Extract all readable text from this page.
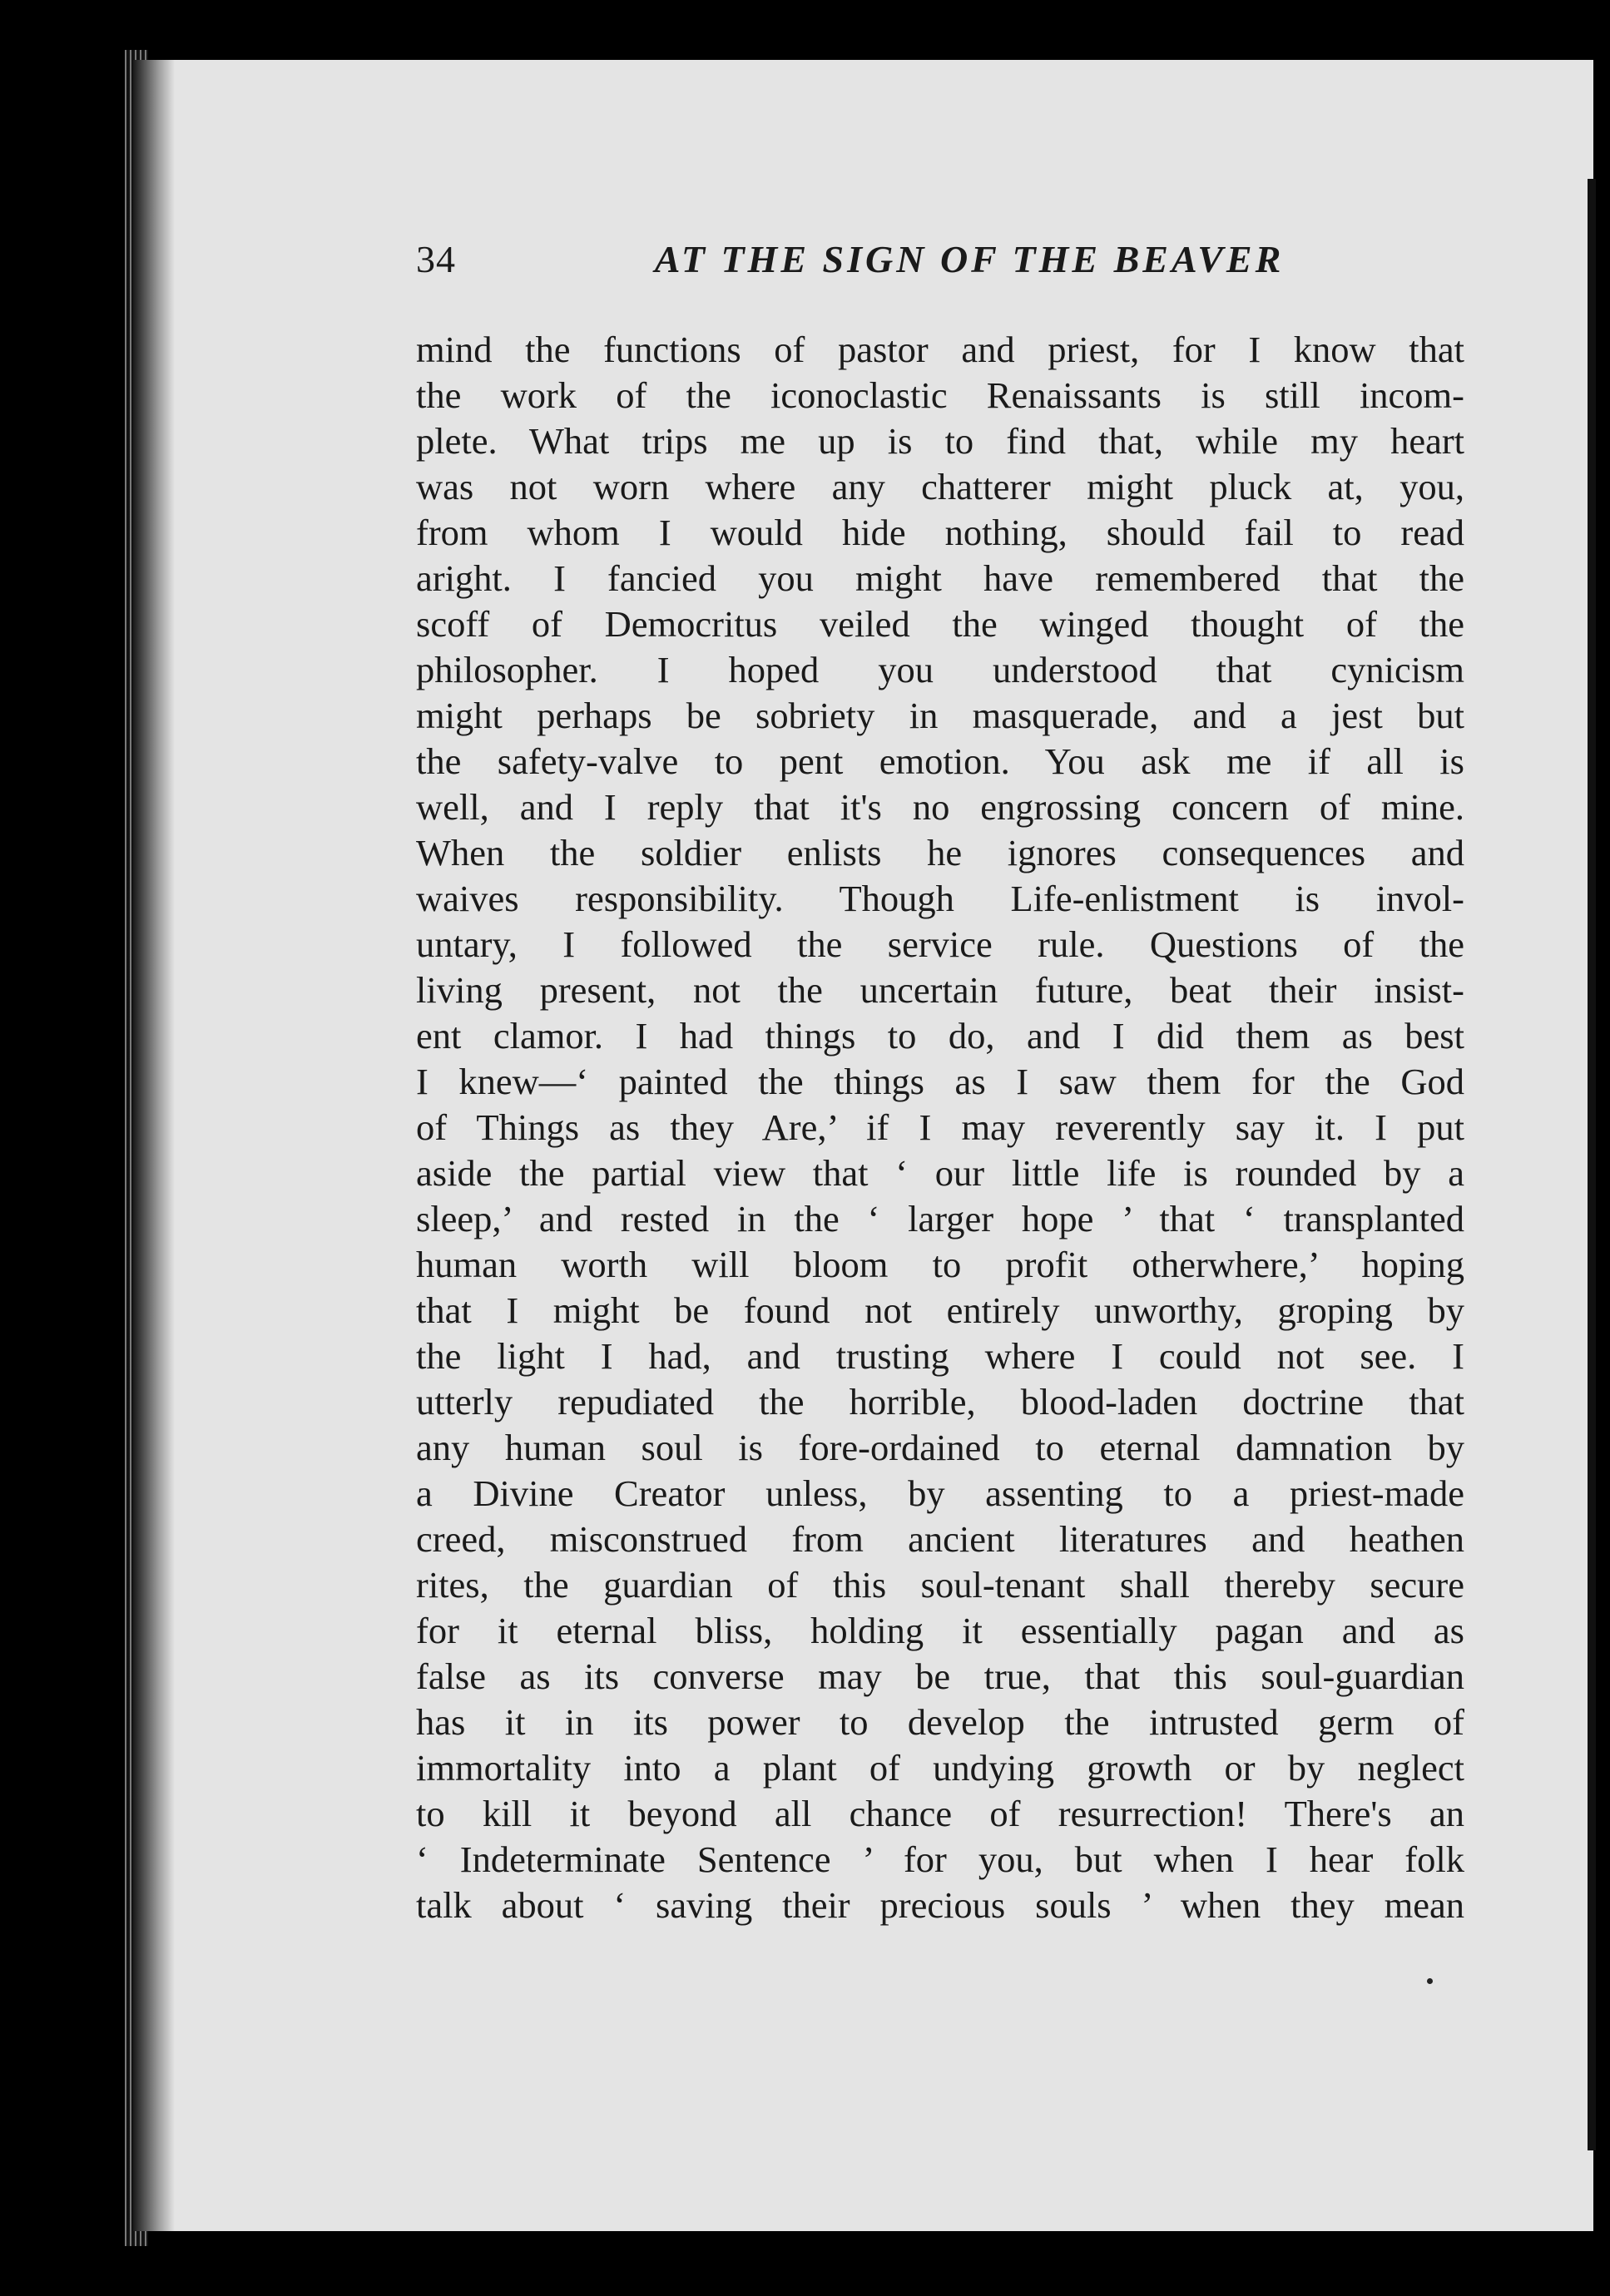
34	AT THE SIGN OF THE BEAVER
mind the functions of pastor and priest, for I know that
the work of the iconoclastic Renaissants is still incom-
plete. What trips me up is to find that, while my heart
was not worn where any chatterer might pluck at, you,
from whom I would hide nothing, should fail to read
aright. I fancied you might have remembered that the
scoff of Democritus veiled the winged thought of the
philosopher. I hoped you understood that cynicism
might perhaps be sobriety in masquerade, and a jest but
the safety-valve to pent emotion. You ask me if all is
well, and I reply that it's no engrossing concern of mine.
When the soldier enlists he ignores consequences and
waives responsibility. Though Life-enlistment is invol-
untary, I followed the service rule. Questions of the
living present, not the uncertain future, beat their insist-
ent clamor. I had things to do, and I did them as best
I knew—‘ painted the things as I saw them for the God
of Things as they Are,’ if I may reverently say it. I put
aside the partial view that ‘ our little life is rounded by a
sleep,’ and rested in the ‘ larger hope ’ that ‘ transplanted
human worth will bloom to profit otherwhere,’ hoping
that I might be found not entirely unworthy, groping by
the light I had, and trusting where I could not see. I
utterly repudiated the horrible, blood-laden doctrine that
any human soul is fore-ordained to eternal damnation by
a Divine Creator unless, by assenting to a priest-made
creed, misconstrued from ancient literatures and heathen
rites, the guardian of this soul-tenant shall thereby secure
for it eternal bliss, holding it essentially pagan and as
false as its converse may be true, that this soul-guardian
has it in its power to develop the intrusted germ of
immortality into a plant of undying growth or by neglect
to kill it beyond all chance of resurrection! There's an
‘ Indeterminate Sentence ’ for you, but when I hear folk
talk about ‘ saving their precious souls ’ when they mean
